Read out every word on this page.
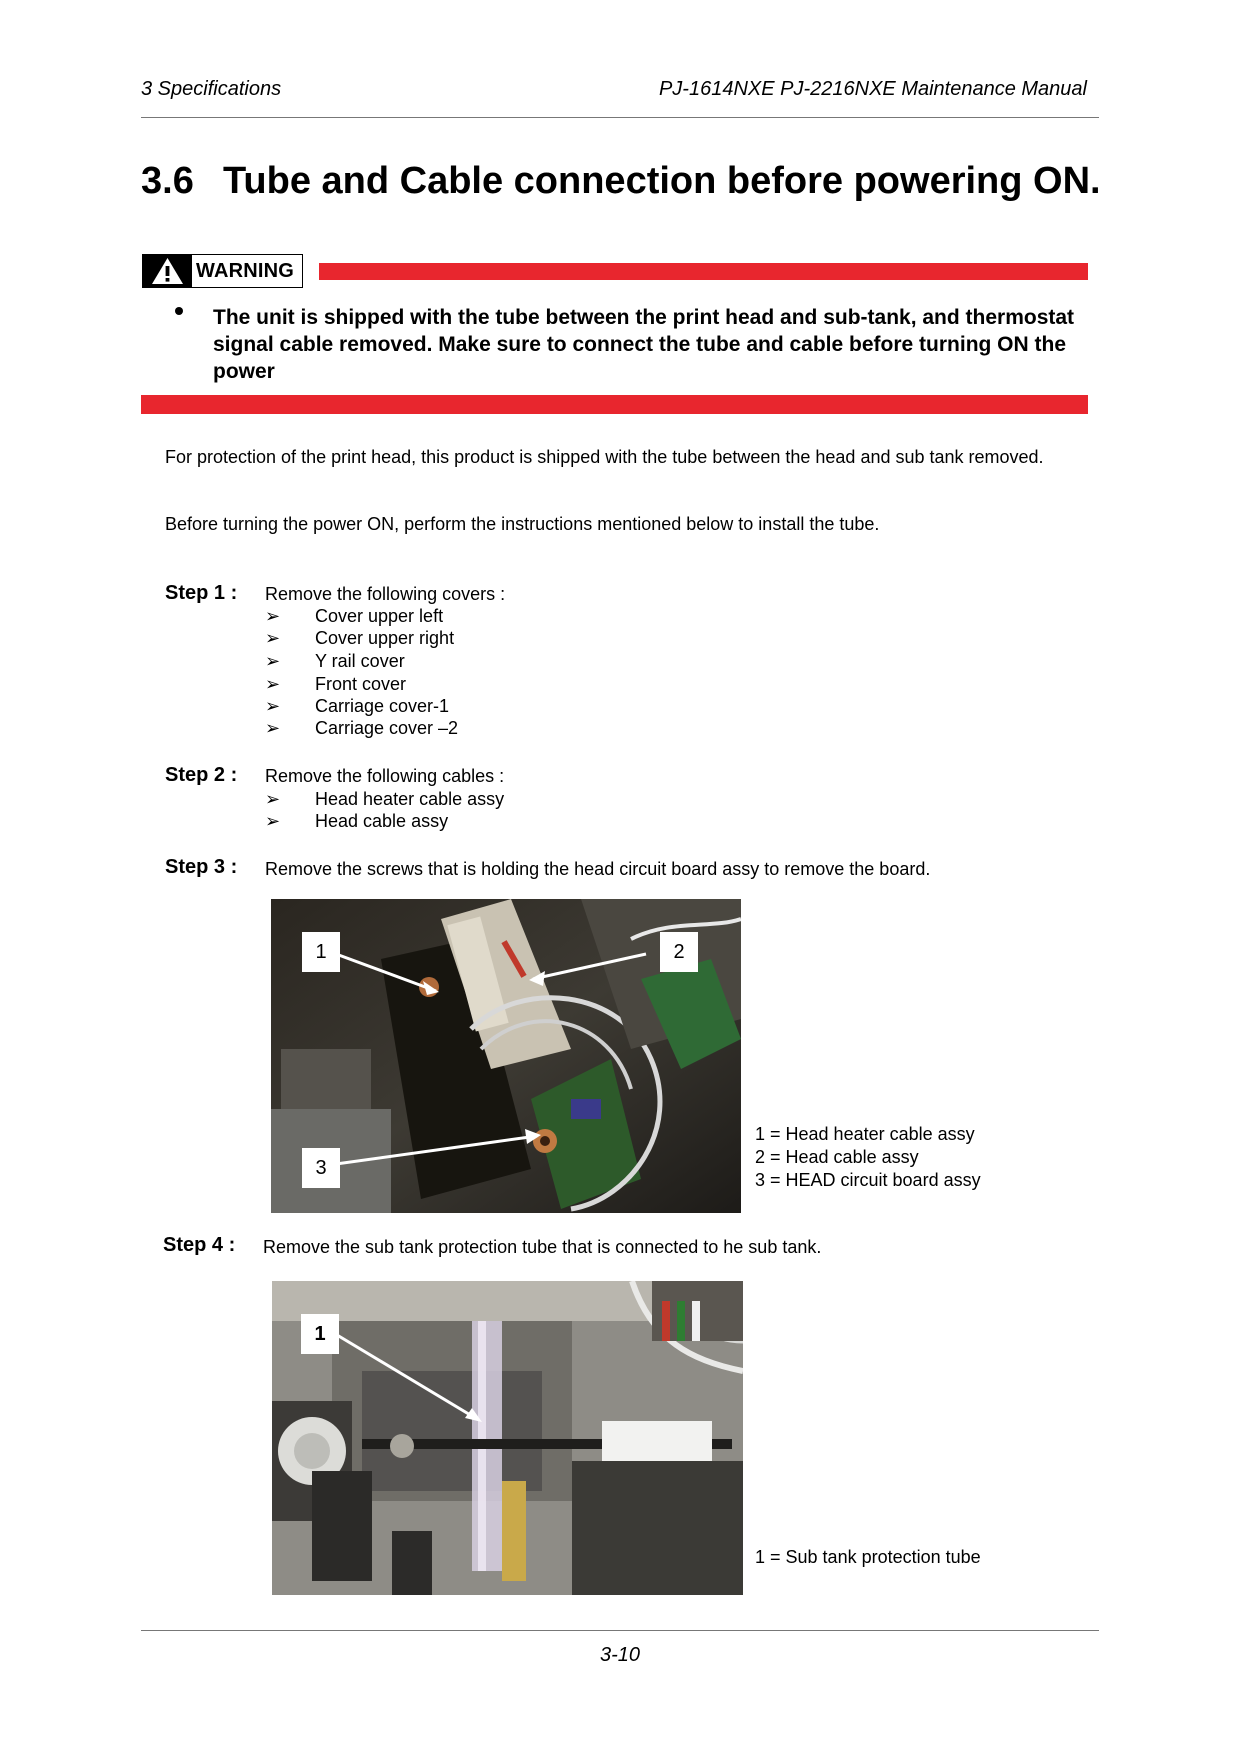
3 Specifications	PJ-1614NXE PJ-2216NXE Maintenance Manual
3.6 Tube and Cable connection before powering ON.
WARNING
The unit is shipped with the tube between the print head and sub-tank, and thermostat signal cable removed. Make sure to connect the tube and cable before turning ON the power
For protection of the print head, this product is shipped with the tube between the head and sub tank removed.
Before turning the power ON, perform the instructions mentioned below to install the tube.
Step 1 : Remove the following covers :
➢ Cover upper left
➢ Cover upper right
➢ Y rail cover
➢ Front cover
➢ Carriage cover-1
➢ Carriage cover –2
Step 2 : Remove the following cables :
➢ Head heater cable assy
➢ Head cable assy
Step 3 : Remove the screws that is holding the head circuit board assy to remove the board.
1	2
3
1 = Head heater cable assy
2 = Head cable assy
3 = HEAD circuit board assy
Step 4 : Remove the sub tank protection tube that is connected to he sub tank.
1
1 = Sub tank protection tube
3-10
